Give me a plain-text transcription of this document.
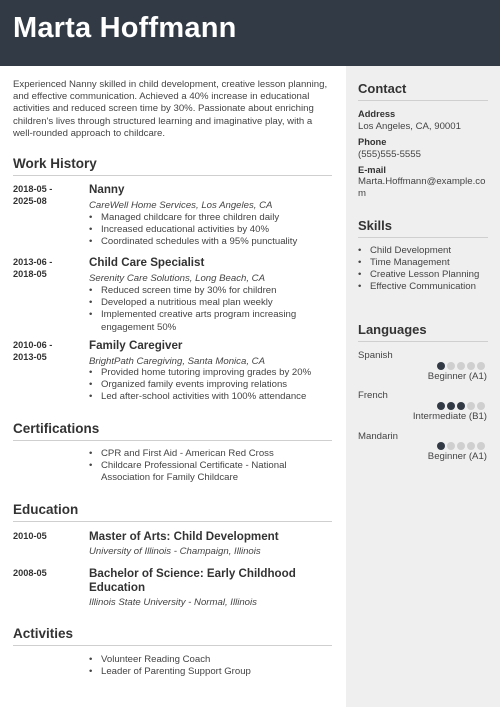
Marta Hoffmann

Experienced Nanny skilled in child development, creative lesson planning, and effective communication. Achieved a 40% increase in educational activities and reduced screen time by 30%. Passionate about enriching children's lives through structured learning and imaginative play, with a well-rounded approach to childcare.

Work History
2018-05 -
2025-08
Nanny
CareWell Home Services, Los Angeles, CA
• Managed childcare for three children daily
• Increased educational activities by 40%
• Coordinated schedules with a 95% punctuality
2013-06 -
2018-05
Child Care Specialist
Serenity Care Solutions, Long Beach, CA
• Reduced screen time by 30% for children
• Developed a nutritious meal plan weekly
• Implemented creative arts program increasing engagement 50%
2010-06 -
2013-05
Family Caregiver
BrightPath Caregiving, Santa Monica, CA
• Provided home tutoring improving grades by 20%
• Organized family events improving relations
• Led after-school activities with 100% attendance
Certifications
• CPR and First Aid - American Red Cross
• Childcare Professional Certificate - National Association for Family Childcare
Education
2010-05	Master of Arts: Child Development
University of Illinois - Champaign, Illinois
2008-05	Bachelor of Science: Early Childhood Education
Illinois State University - Normal, Illinois
Activities
• Volunteer Reading Coach
• Leader of Parenting Support Group
Contact
Address
Los Angeles, CA, 90001
Phone
(555)555-5555
E-mail
Marta.Hoffmann@example.com
Skills
• Child Development
• Time Management
• Creative Lesson Planning
• Effective Communication
Languages
Spanish
Beginner (A1)
French
Intermediate (B1)
Mandarin
Beginner (A1)
